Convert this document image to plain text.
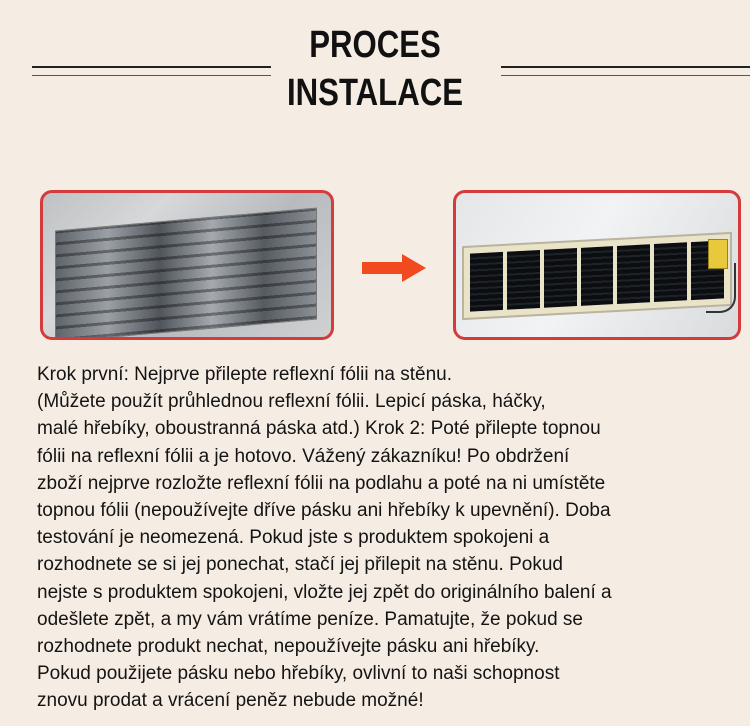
PROCES
INSTALACE
Krok první: Nejprve přilepte reflexní fólii na stěnu.
(Můžete použít průhlednou reflexní fólii. Lepicí páska, háčky,
malé hřebíky, oboustranná páska atd.) Krok 2: Poté přilepte topnou
fólii na reflexní fólii a je hotovo. Vážený zákazníku! Po obdržení
zboží nejprve rozložte reflexní fólii na podlahu a poté na ni umístěte
topnou fólii (nepoužívejte dříve pásku ani hřebíky k upevnění). Doba
testování je neomezená. Pokud jste s produktem spokojeni a
rozhodnete se si jej ponechat, stačí jej přilepit na stěnu. Pokud
nejste s produktem spokojeni, vložte jej zpět do originálního balení a
odešlete zpět, a my vám vrátíme peníze. Pamatujte, že pokud se
rozhodnete produkt nechat, nepoužívejte pásku ani hřebíky.
Pokud použijete pásku nebo hřebíky, ovlivní to naši schopnost
znovu prodat a vrácení peněz nebude možné!
